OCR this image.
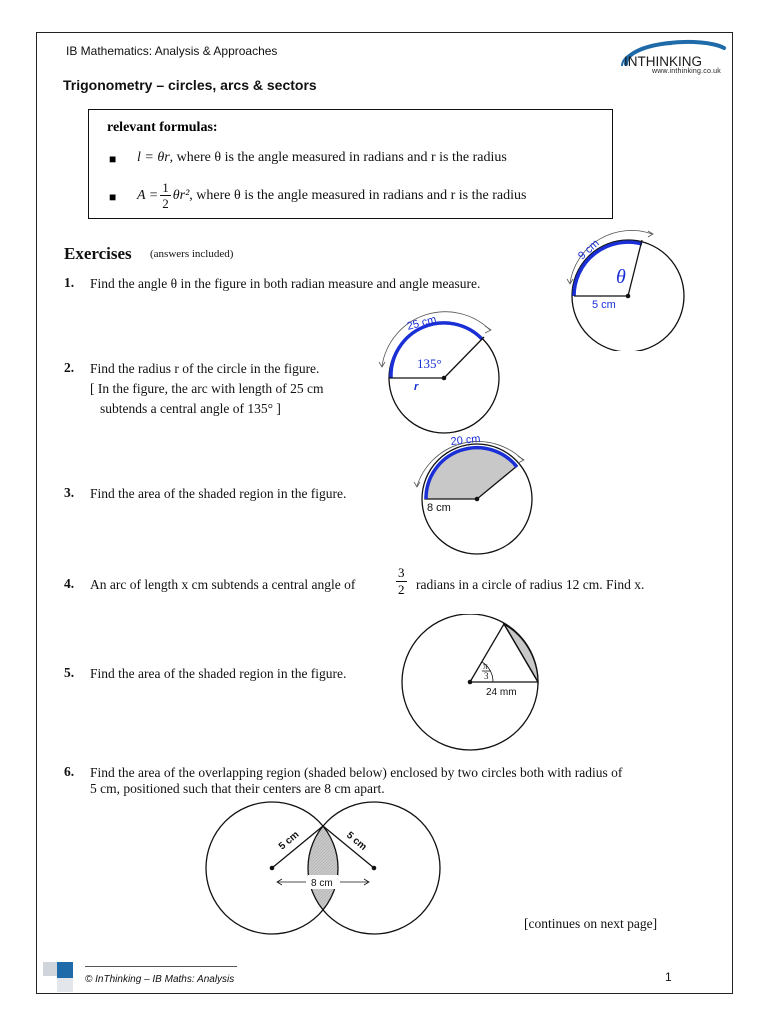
IB Mathematics: Analysis & Approaches
Trigonometry – circles, arcs & sectors
INTHINKING
www.inthinking.co.uk
relevant formulas:
■ l = θr, where θ is the angle measured in radians and r is the radius
■ $A = \frac{1}{2} \theta r^2$ , where θ is the angle measured in radians and r is the radius
Exercises (answers included)
1. Find the angle θ in the figure in both radian measure and angle measure.
2. Find the radius r of the circle in the figure.
[ In the figure, the arc with length of 25 cm
subtends a central angle of 135° ]
3. Find the area of the shaded region in the figure.
4. An arc of length x cm subtends a central angle of	$\frac{3}{2}$ radians in a circle of radius 12 cm. Find x.
5. Find the area of the shaded region in the figure.
6. Find the area of the overlapping region (shaded below) enclosed by two circles both with radius of
5 cm, positioned such that their centers are 8 cm apart.
9 cm
5 cm
θ
25 cm
135°
r
20 cm
8 cm
π
3
24 mm
8 cm
5 cm	5 cm
[continues on next page]
© InThinking – IB Maths: Analysis	1
